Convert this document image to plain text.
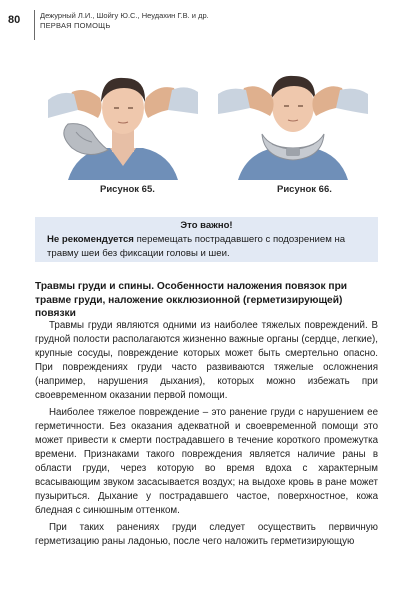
80	Дежурный Л.И., Шойгу Ю.С., Неудахин Г.В. и др.
ПЕРВАЯ ПОМОЩЬ
Рисунок 65.	Рисунок 66.
Это важно!
Не рекомендуется перемещать пострадавшего с подозрением на травму шеи без фиксации головы и шеи.
Травмы груди и спины. Особенности наложения повязок при травме груди, наложение окклюзионной (герметизирующей) повязки

Травмы груди являются одними из наиболее тяжелых повреждений. В грудной полости располагаются жизненно важные органы (сердце, легкие), крупные сосуды, повреждение которых может быть смертельно опасно. При повреждениях груди часто развиваются тяжелые осложнения (например, нарушения дыхания), которых можно избежать при своевременном оказании первой помощи.

Наиболее тяжелое повреждение – это ранение груди с нарушением ее герметичности. Без оказания адекватной и своевременной помощи это может привести к смерти пострадавшего в течение короткого промежутка времени. Признаками такого повреждения является наличие раны в области груди, через которую во время вдоха с характерным всасывающим звуком засасывается воздух; на выдохе кровь в ране может пузыриться. Дыхание у пострадавшего частое, поверхностное, кожа бледная с синюшным оттенком.

При таких ранениях груди следует осуществить первичную герметизацию раны ладонью, после чего наложить герметизирующую
